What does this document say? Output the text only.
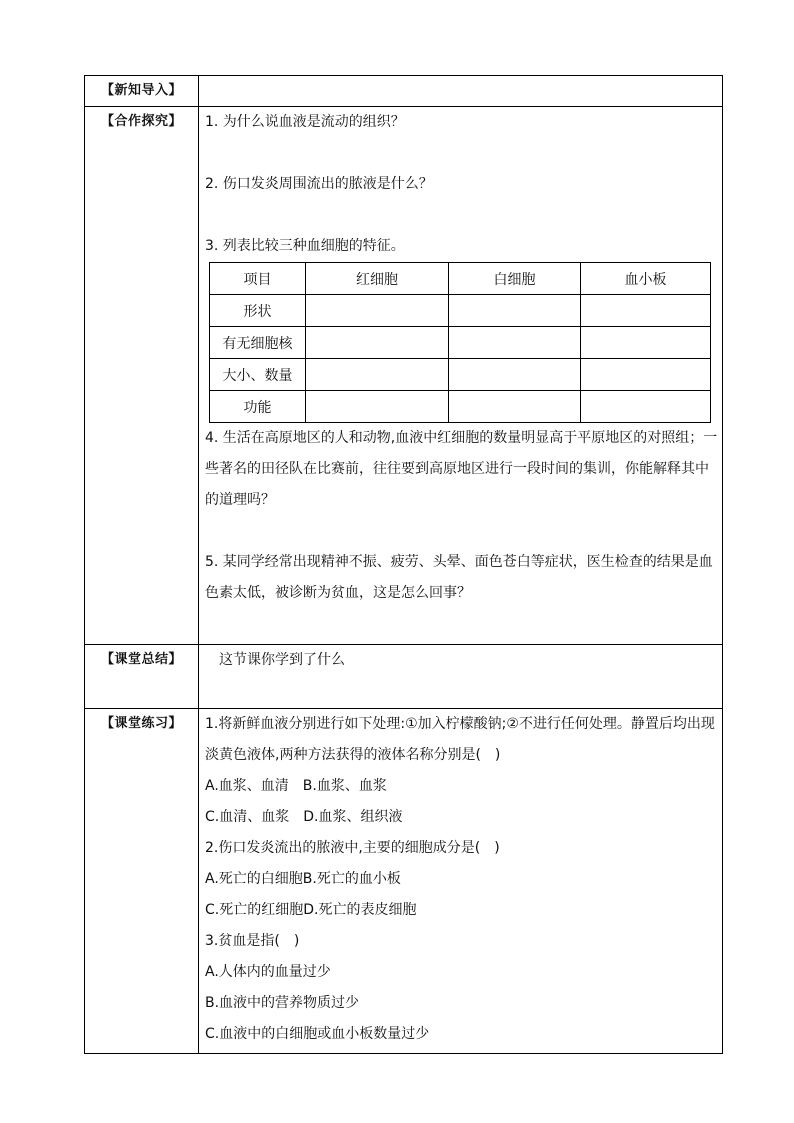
【新知导入】	
【合作探究】	1. 为什么说血液是流动的组织？

2. 伤口发炎周围流出的脓液是什么？

3. 列表比较三种血细胞的特征。

项目	红细胞	白细胞	血小板
形状			
有无细胞核			
大小、数量			
功能			

4. 生活在高原地区的人和动物,血液中红细胞的数量明显高于平原地区的对照组；一些著名的田径队在比赛前，往往要到高原地区进行一段时间的集训，你能解释其中的道理吗？

5. 某同学经常出现精神不振、疲劳、头晕、面色苍白等症状，医生检查的结果是血色素太低，被诊断为贫血，这是怎么回事？

【课堂总结】	这节课你学到了什么

【课堂练习】	1.将新鲜血液分别进行如下处理:①加入柠檬酸钠;②不进行任何处理。静置后均出现淡黄色液体,两种方法获得的液体名称分别是(　)

A.血浆、血清　B.血浆、血浆

C.血清、血浆　D.血浆、组织液

2.伤口发炎流出的脓液中,主要的细胞成分是(　)

A.死亡的白细胞B.死亡的血小板

C.死亡的红细胞D.死亡的表皮细胞

3.贫血是指(　)

A.人体内的血量过少

B.血液中的营养物质过少

C.血液中的白细胞或血小板数量过少
